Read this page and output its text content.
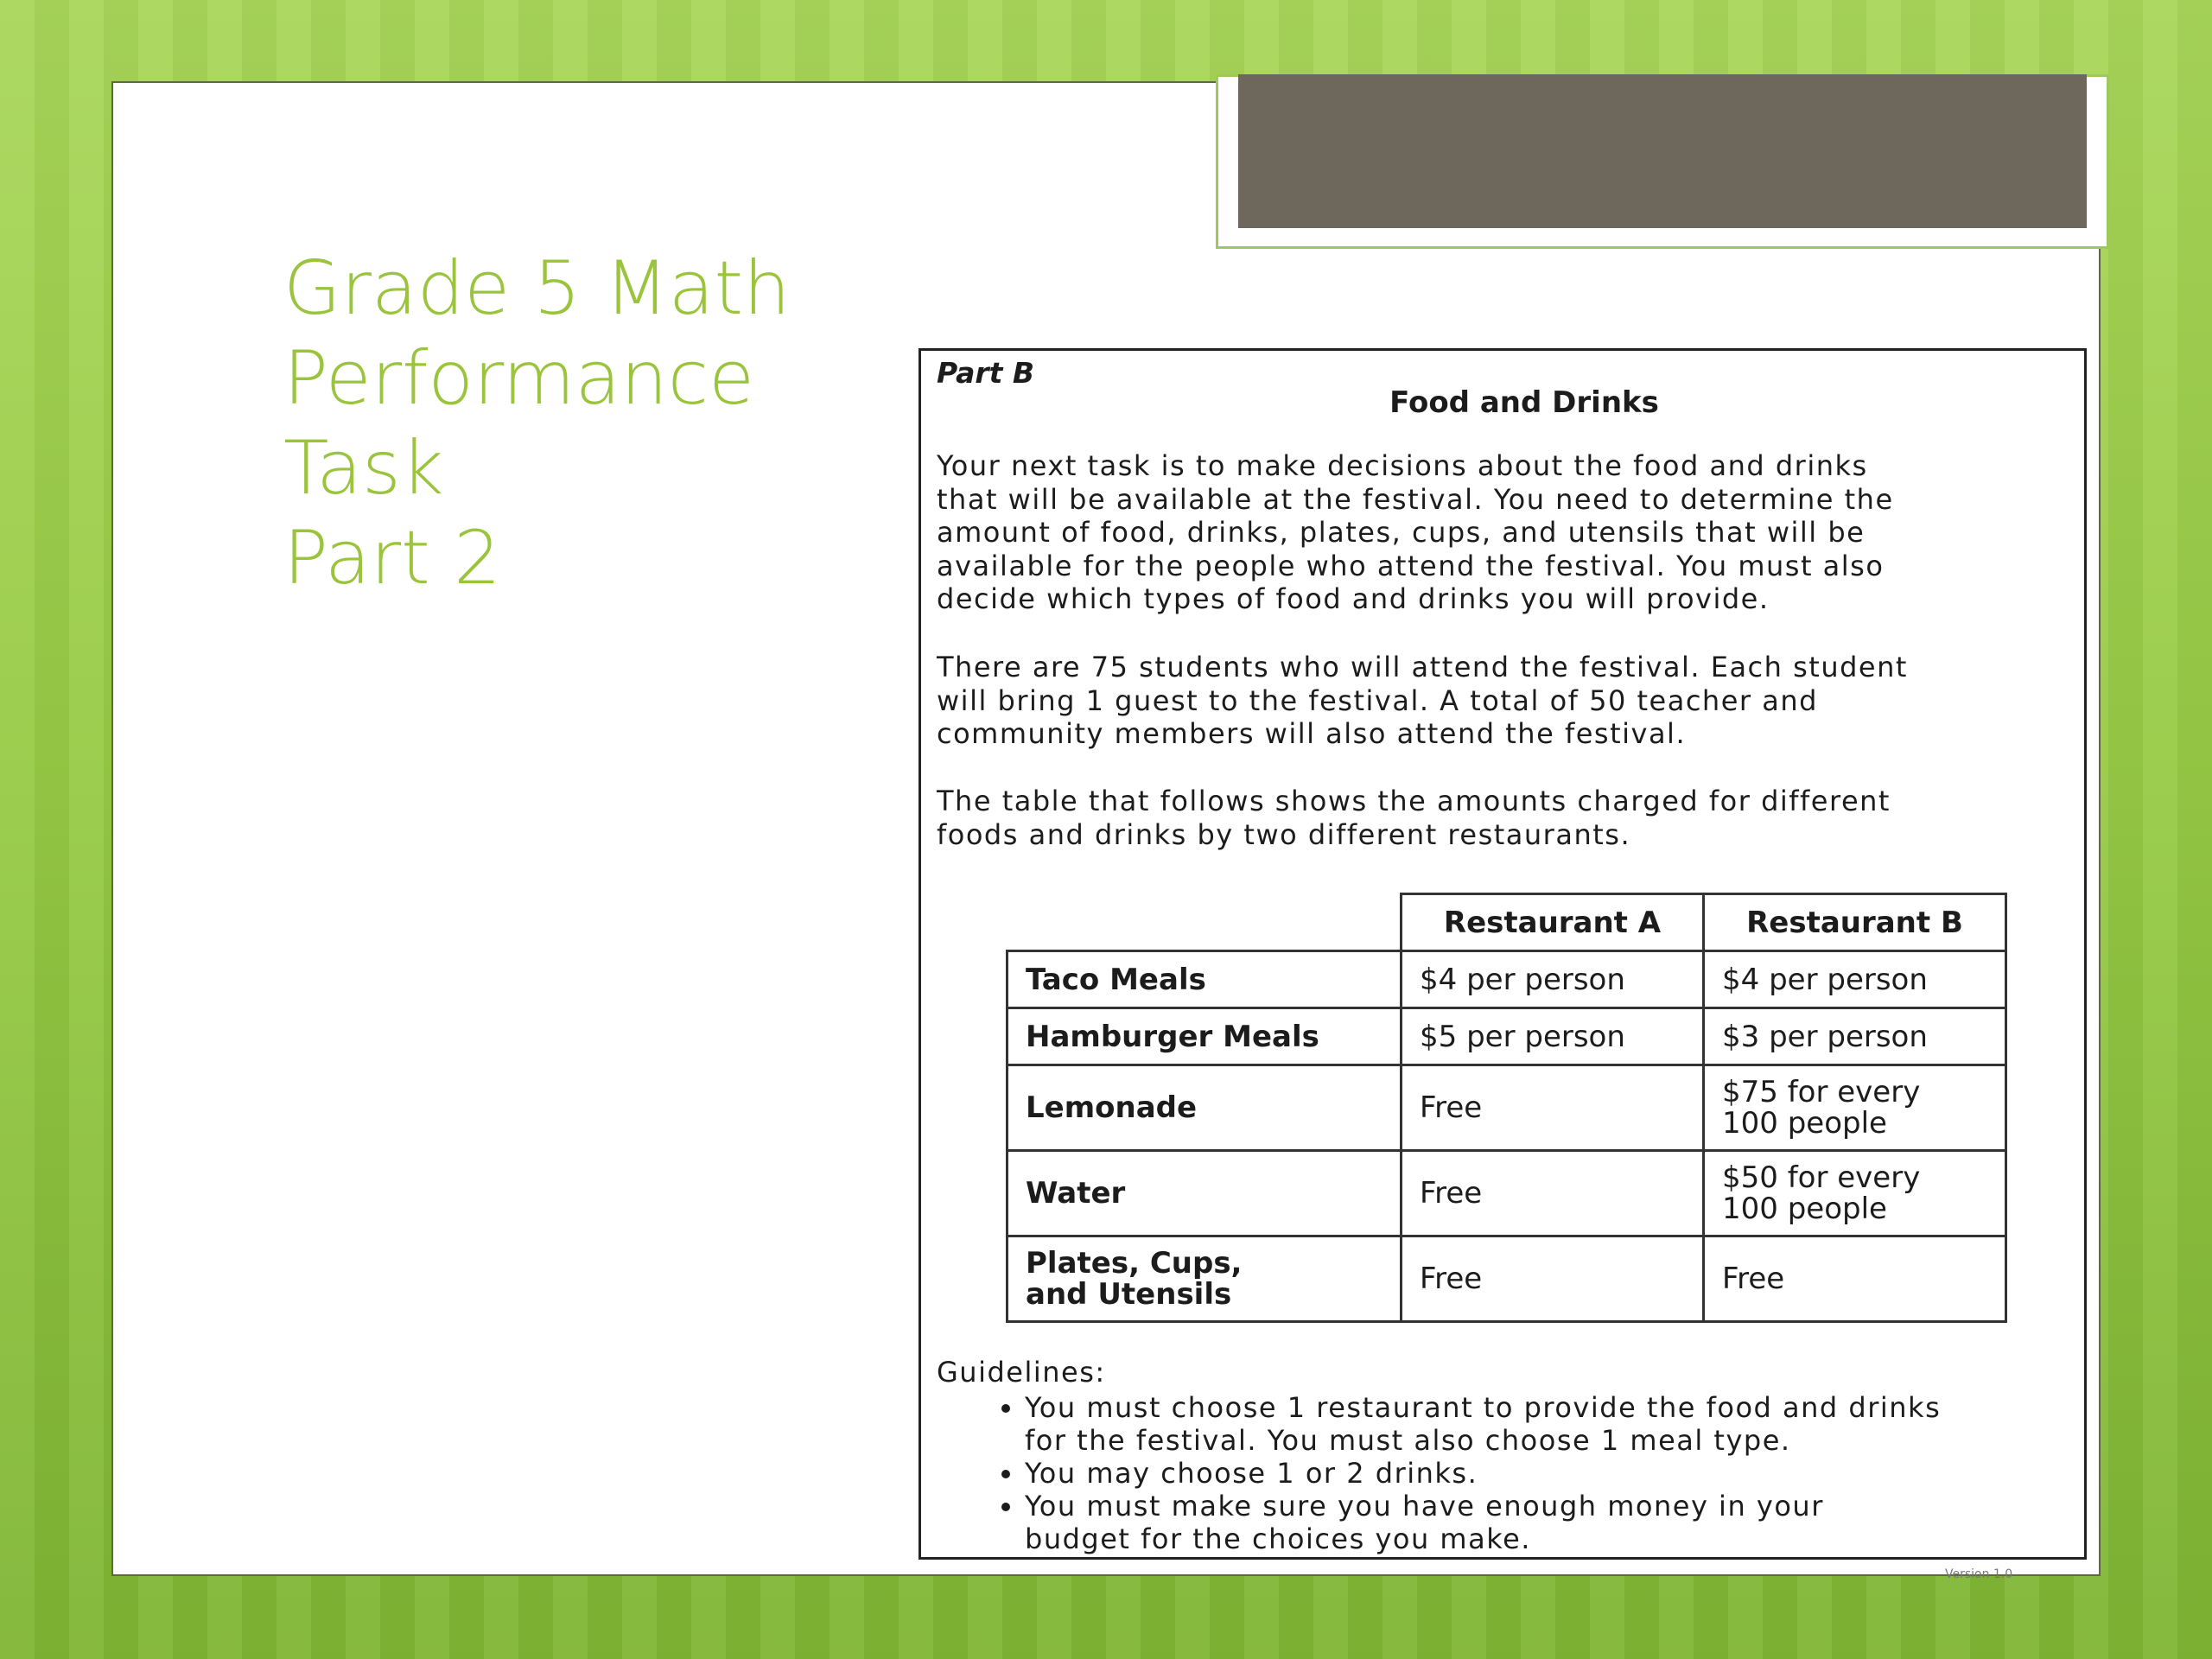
Grade 5 Math
Performance
Task
Part 2
Part B
Food and Drinks

Your next task is to make decisions about the food and drinks
that will be available at the festival. You need to determine the
amount of food, drinks, plates, cups, and utensils that will be
available for the people who attend the festival. You must also
decide which types of food and drinks you will provide.

There are 75 students who will attend the festival. Each student
will bring 1 guest to the festival. A total of 50 teacher and
community members will also attend the festival.

The table that follows shows the amounts charged for different
foods and drinks by two different restaurants.

	Restaurant A	Restaurant B
Taco Meals	$4 per person	$4 per person
Hamburger Meals	$5 per person	$3 per person
Lemonade	Free	$75 for every
100 people
Water	Free	$50 for every
100 people
Plates, Cups,
and Utensils	Free	Free
Guidelines:
• You must choose 1 restaurant to provide the food and drinks
for the festival. You must also choose 1 meal type.
• You may choose 1 or 2 drinks.
• You must make sure you have enough money in your
budget for the choices you make.
Version 1.0
